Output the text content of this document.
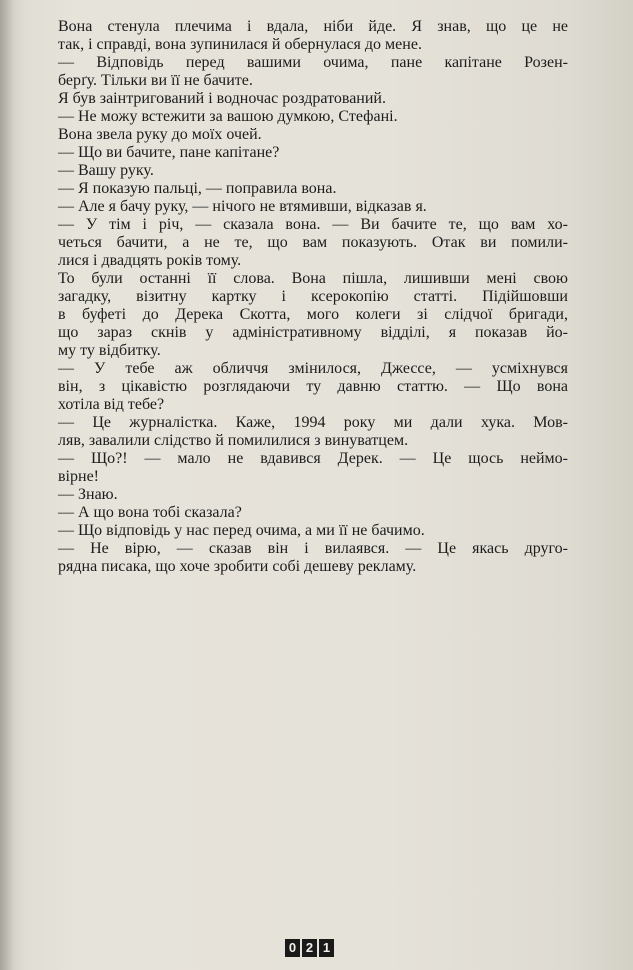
Вона стенула плечима і вдала, ніби йде. Я знав, що це не
так, і справді, вона зупинилася й обернулася до мене.
— Відповідь перед вашими очима, пане капітане Розен-
берґу. Тільки ви її не бачите.
Я був заінтригований і водночас роздратований.
— Не можу встежити за вашою думкою, Стефані.
Вона звела руку до моїх очей.
— Що ви бачите, пане капітане?
— Вашу руку.
— Я показую пальці, — поправила вона.
— Але я бачу руку, — нічого не втямивши, відказав я.
— У тім і річ, — сказала вона. — Ви бачите те, що вам хо-
четься бачити, а не те, що вам показують. Отак ви помили-
лися і двадцять років тому.
То були останні її слова. Вона пішла, лишивши мені свою
загадку, візитну картку і ксерокопію статті. Підійшовши
в буфеті до Дерека Скотта, мого колеги зі слідчої бригади,
що зараз скнів у адміністративному відділі, я показав йо-
му ту відбитку.
— У тебе аж обличчя змінилося, Джессе, — усміхнувся
він, з цікавістю розглядаючи ту давню статтю. — Що вона
хотіла від тебе?
— Це журналістка. Каже, 1994 року ми дали хука. Мов-
ляв, завалили слідство й помилилися з винуватцем.
— Що?! — мало не вдавився Дерек. — Це щось неймо-
вірне!
— Знаю.
— А що вона тобі сказала?
— Що відповідь у нас перед очима, а ми її не бачимо.
— Не вірю, — сказав він і вилаявся. — Це якась друго-
рядна писака, що хоче зробити собі дешеву рекламу.
0 2 1
